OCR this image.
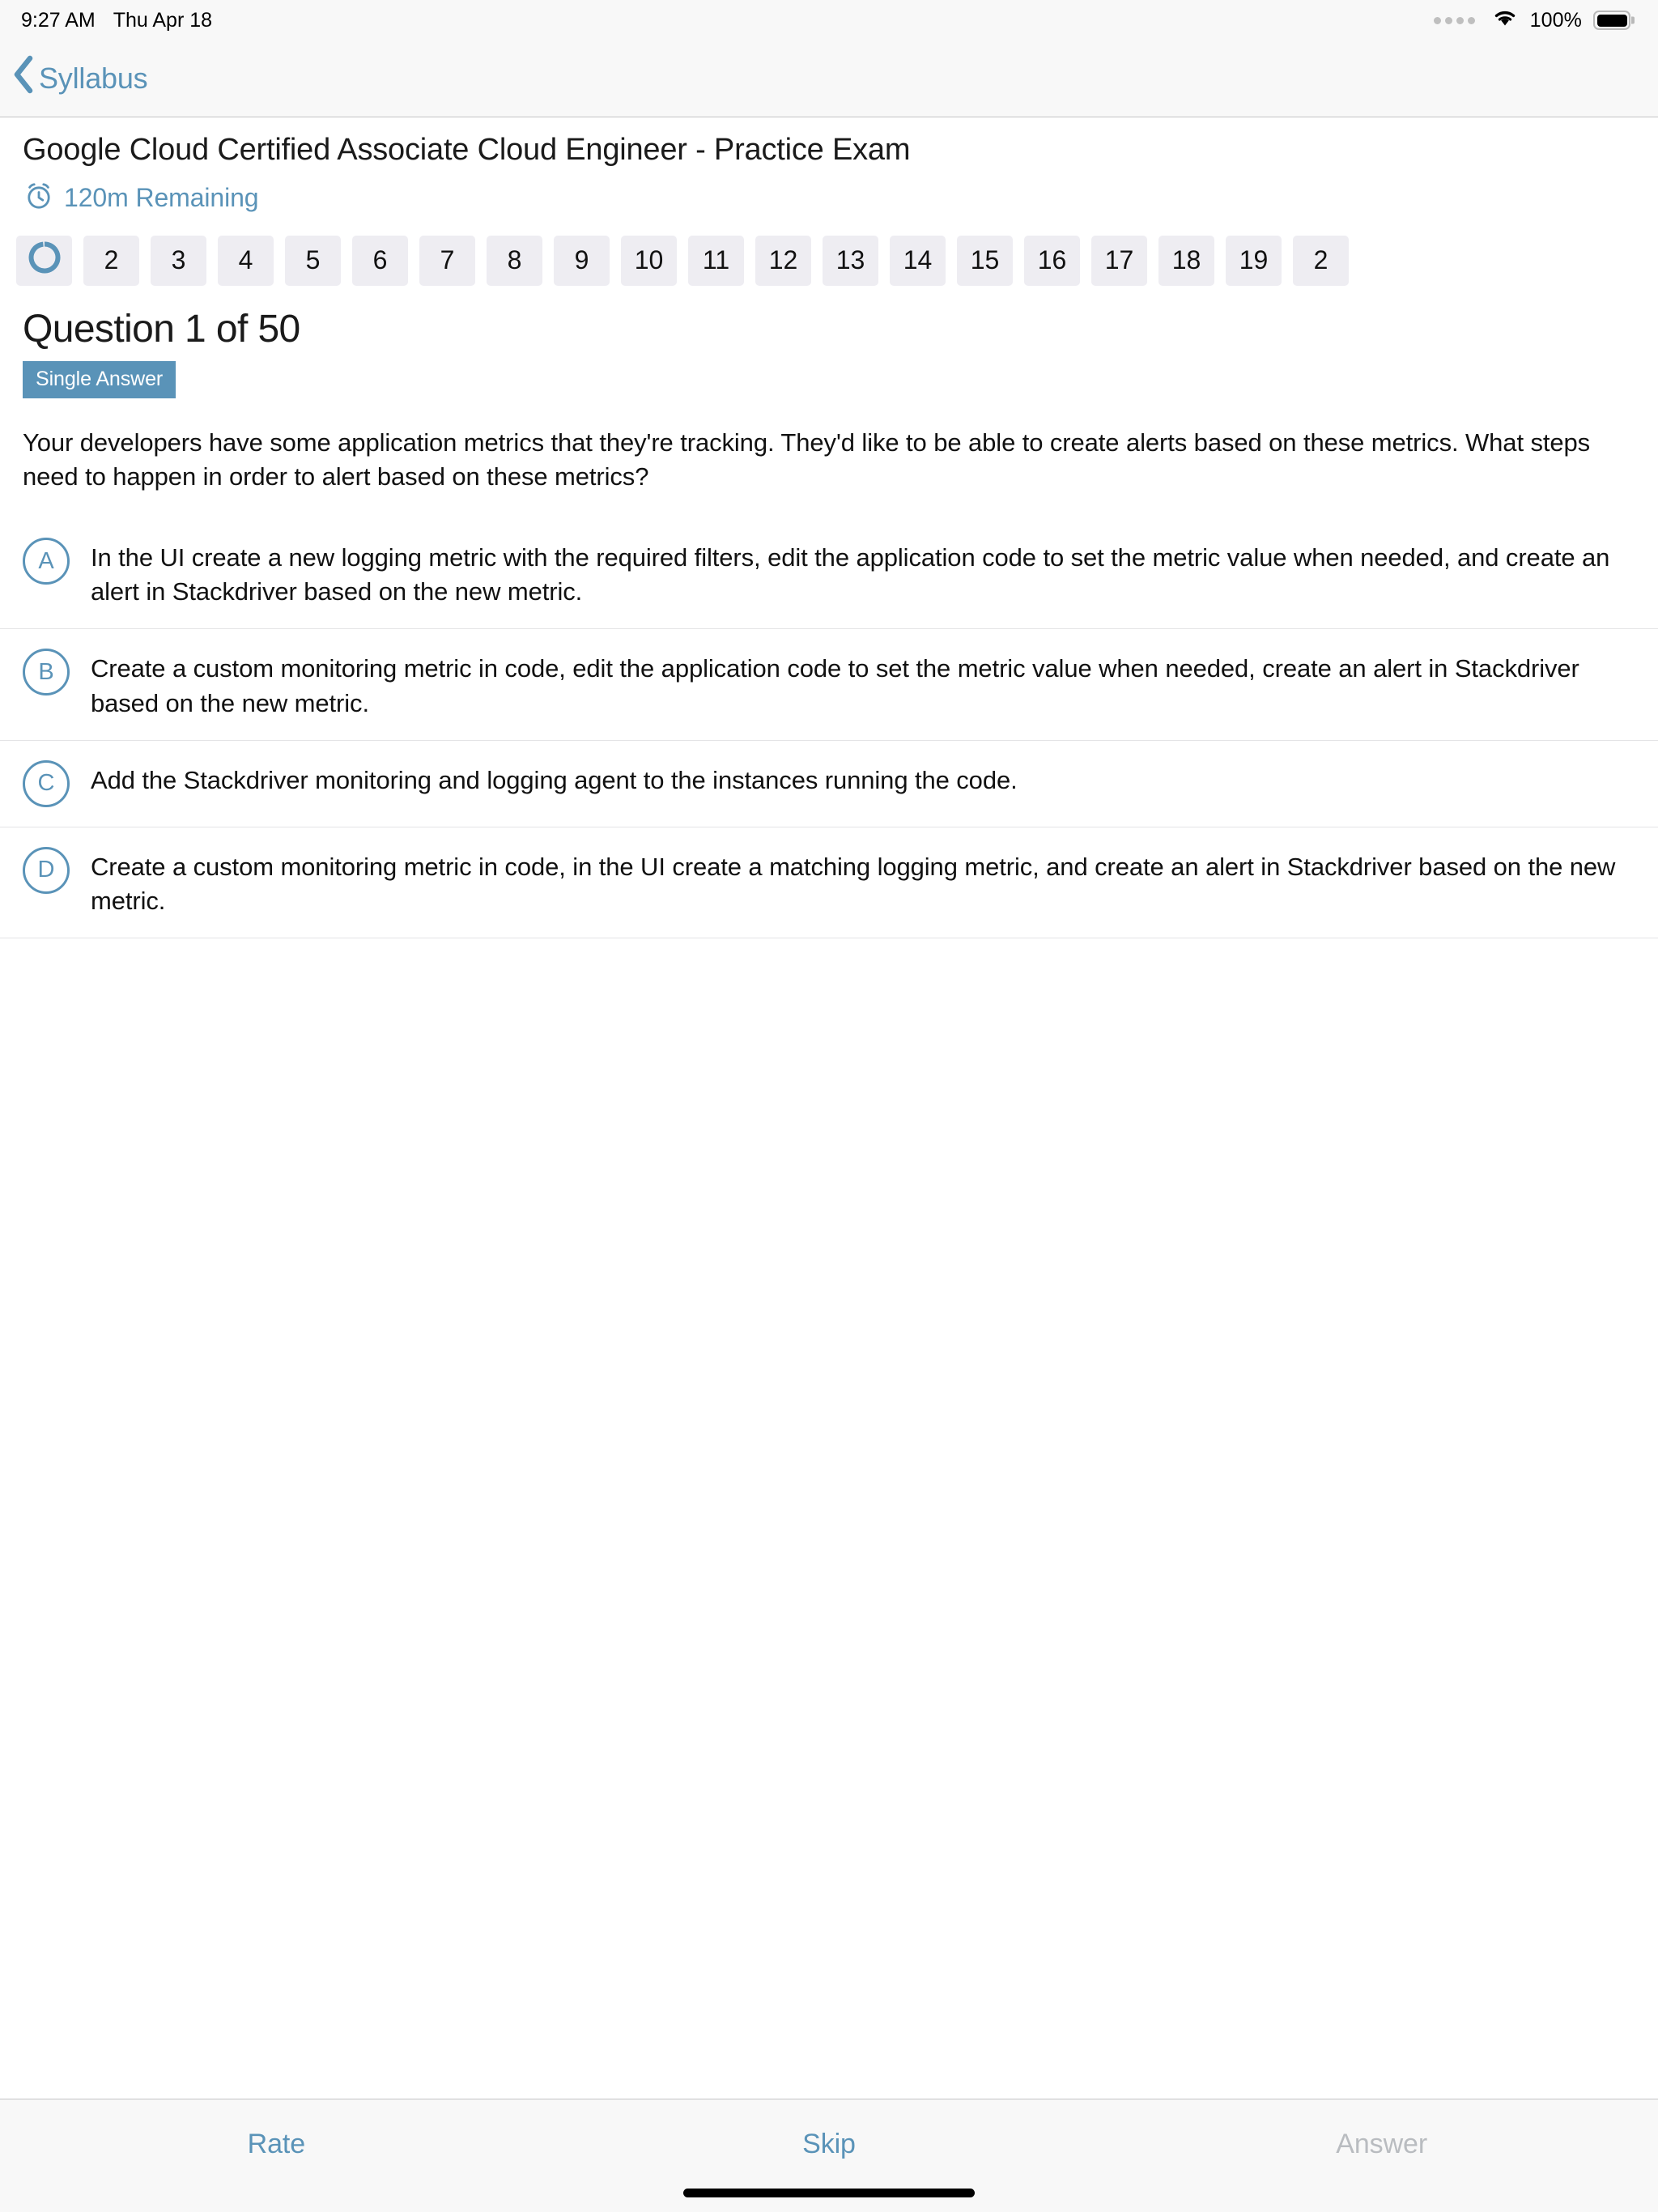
9:27 AM Thu Apr 18	100%
Syllabus
Google Cloud Certified Associate Cloud Engineer - Practice Exam
120m Remaining
2	3	4	5	6	7	8	9	10	11	12	13	14	15	16	17	18	19	2
Question 1 of 50
Single Answer
Your developers have some application metrics that they're tracking. They'd like to be able to create alerts based on these metrics. What steps need to happen in order to alert based on these metrics?
A	In the UI create a new logging metric with the required filters, edit the application code to set the metric value when needed, and create an alert in Stackdriver based on the new metric.
B	Create a custom monitoring metric in code, edit the application code to set the metric value when needed, create an alert in Stackdriver based on the new metric.
C	Add the Stackdriver monitoring and logging agent to the instances running the code.
D	Create a custom monitoring metric in code, in the UI create a matching logging metric, and create an alert in Stackdriver based on the new metric.
Rate	Skip	Answer
